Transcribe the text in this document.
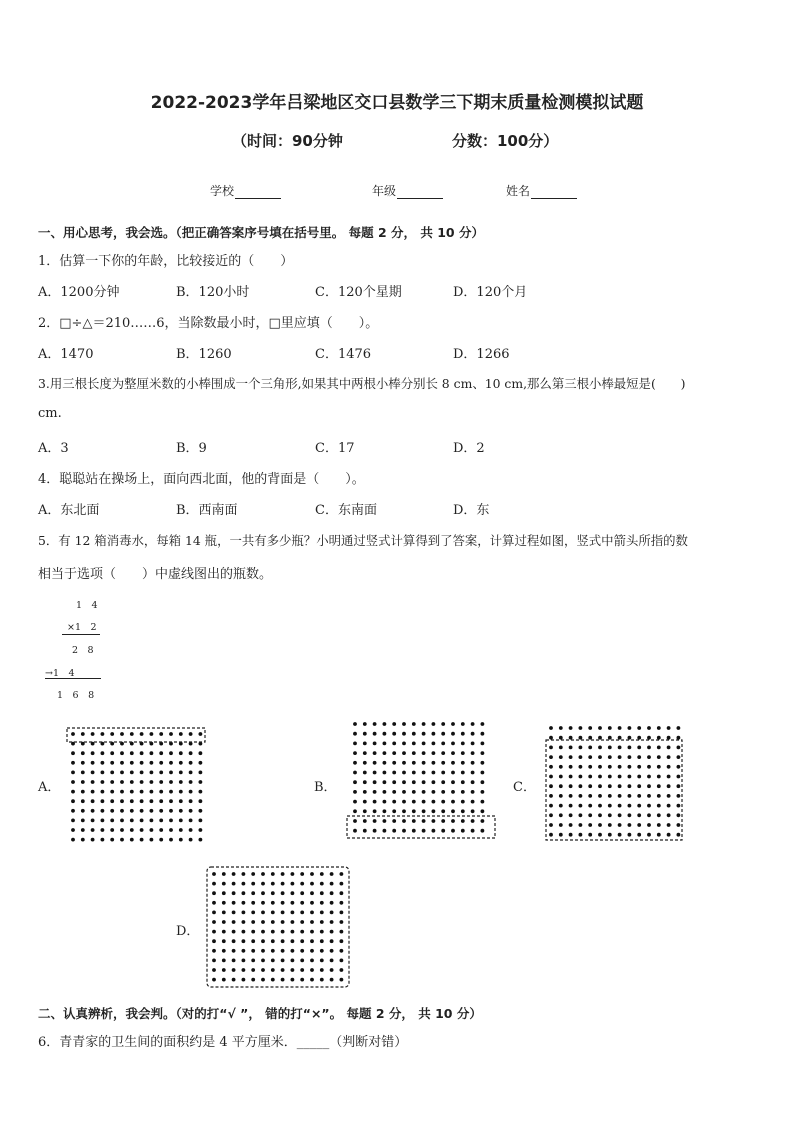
2022-2023学年吕梁地区交口县数学三下期末质量检测模拟试题
（时间：90分钟	分数：100分）
学校	年级	姓名
一、用心思考，我会选。（把正确答案序号填在括号里。 每题 2 分， 共 10 分）
1．估算一下你的年龄，比较接近的（　　）
A．1200分钟	B．120小时	C．120个星期	D．120个月
2．□÷△＝210……6，当除数最小时，□里应填（　　）。
A．1470	B．1260	C．1476	D．1266
3.用三根长度为整厘米数的小棒围成一个三角形,如果其中两根小棒分别长 8 cm、10 cm,那么第三根小棒最短是(　　)
cm.
A．3	B．9	C．17	D．2
4．聪聪站在操场上，面向西北面，他的背面是（　　）。
A．东北面	B．西南面	C．东南面	D．东
5．有 12 箱消毒水，每箱 14 瓶，一共有多少瓶？小明通过竖式计算得到了答案，计算过程如图，竖式中箭头所指的数
相当于选项（　　）中虚线图出的瓶数。
1　4
×1　2
2　8
→1　4
1　6　8
A．	B．	C．
D．
二、认真辨析，我会判。（对的打“√ ”， 错的打“×”。 每题 2 分， 共 10 分）
6．青青家的卫生间的面积约是 4 平方厘米．_____（判断对错）
